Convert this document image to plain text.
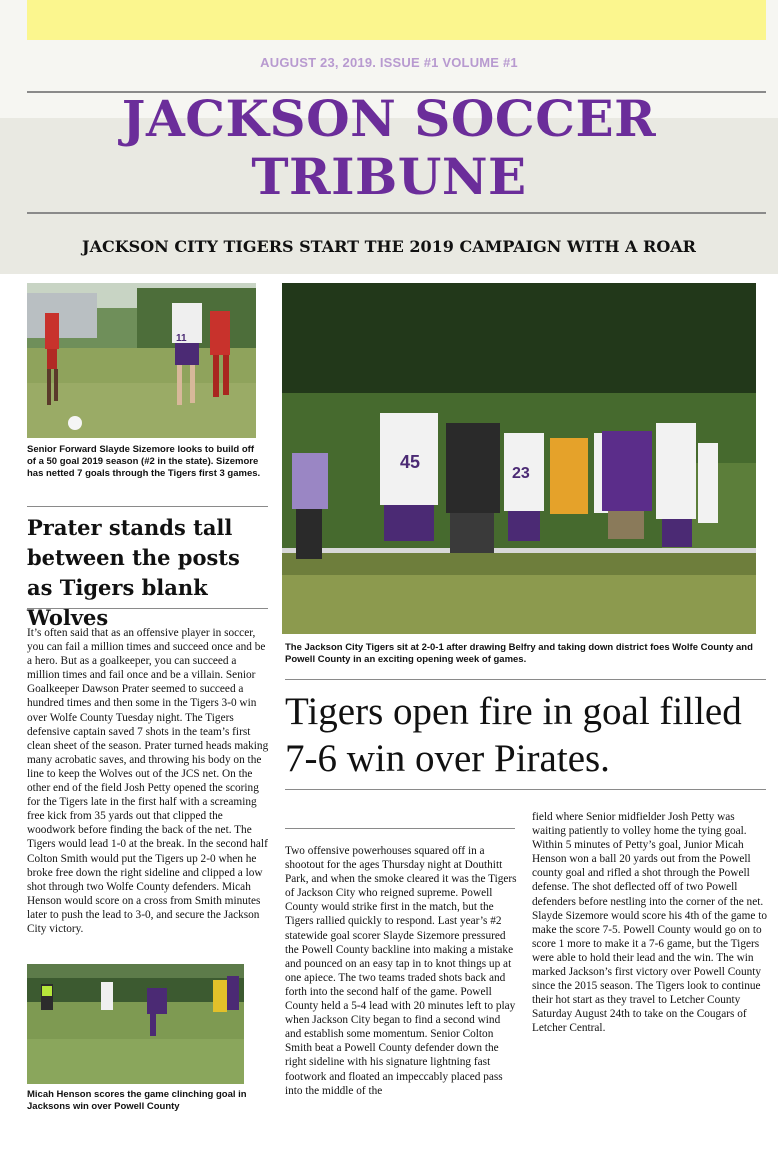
AUGUST 23, 2019. ISSUE #1 VOLUME #1
JACKSON SOCCER
TRIBUNE
JACKSON CITY TIGERS START THE 2019 CAMPAIGN WITH A ROAR
11
Senior Forward Slayde Sizemore looks to build off of a 50 goal 2019 season (#2 in the state). Sizemore has netted 7 goals through the Tigers first 3 games.
Prater stands tall between the posts as Tigers blank Wolves
It’s often said that as an offensive player in soccer, you can fail a million times and succeed once and be a hero. But as a goalkeeper, you can succeed a million times and fail once and be a villain. Senior Goalkeeper Dawson Prater seemed to succeed a hundred times and then some in the Tigers 3-0 win over Wolfe County Tuesday night. The Tigers defensive captain saved 7 shots in the team’s first clean sheet of the season. Prater turned heads making many acrobatic saves, and throwing his body on the line to keep the Wolves out of the JCS net. On the other end of the field Josh Petty opened the scoring for the Tigers late in the first half with a screaming free kick from 35 yards out that clipped the woodwork before finding the back of the net. The Tigers would lead 1-0 at the break. In the second half Colton Smith would put the Tigers up 2-0 when he broke free down the right sideline and clipped a low shot through two Wolfe County defenders. Micah Henson would score on a cross from Smith minutes later to push the lead to 3-0, and secure the Jackson City victory.
Micah Henson scores the game clinching goal in Jacksons win over Powell County
45
23
The Jackson City Tigers sit at 2-0-1 after drawing Belfry and taking down district foes Wolfe County and Powell County in an exciting opening week of games.
Tigers open fire in goal filled 7-6 win over Pirates.
Two offensive powerhouses squared off in a shootout for the ages Thursday night at Douthitt Park, and when the smoke cleared it was the Tigers of Jackson City who reigned supreme. Powell County would strike first in the match, but the Tigers rallied quickly to respond. Last year’s #2 statewide goal scorer Slayde Sizemore pressured the Powell County backline into making a mistake and pounced on an easy tap in to knot things up at one apiece. The two teams traded shots back and forth into the second half of the game. Powell County held a 5-4 lead with 20 minutes left to play when Jackson City began to find a second wind and establish some momentum. Senior Colton Smith beat a Powell County defender down the right sideline with his signature lightning fast footwork and floated an impeccably placed pass into the middle of the
field where Senior midfielder Josh Petty was waiting patiently to volley home the tying goal. Within 5 minutes of Petty’s goal, Junior Micah Henson won a ball 20 yards out from the Powell county goal and rifled a shot through the Powell defense. The shot deflected off of two Powell defenders before nestling into the corner of the net. Slayde Sizemore would score his 4th of the game to make the score 7-5. Powell County would go on to score 1 more to make it a 7-6 game, but the Tigers were able to hold their lead and the win. The win marked Jackson’s first victory over Powell County since the 2015 season. The Tigers look to continue their hot start as they travel to Letcher County Saturday August 24th to take on the Cougars of Letcher Central.
